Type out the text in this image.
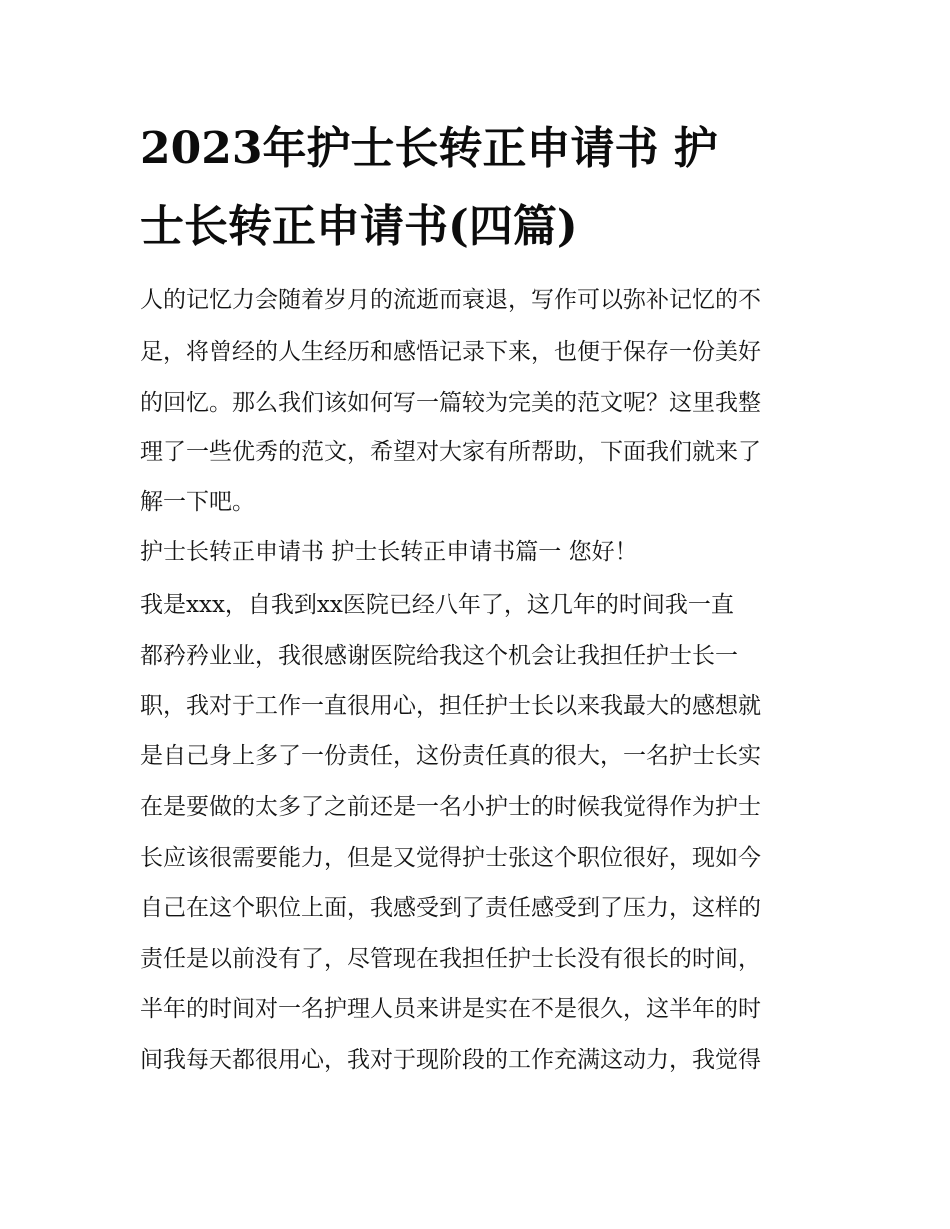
2023年护士长转正申请书 护
士长转正申请书(四篇)
人的记忆力会随着岁月的流逝而衰退，写作可以弥补记忆的不
足，将曾经的人生经历和感悟记录下来，也便于保存一份美好
的回忆。那么我们该如何写一篇较为完美的范文呢？这里我整
理了一些优秀的范文，希望对大家有所帮助，下面我们就来了
解一下吧。
护士长转正申请书 护士长转正申请书篇一 您好！
我是xxx，自我到xx医院已经八年了，这几年的时间我一直
都矜矜业业，我很感谢医院给我这个机会让我担任护士长一
职，我对于工作一直很用心，担任护士长以来我最大的感想就
是自己身上多了一份责任，这份责任真的很大，一名护士长实
在是要做的太多了之前还是一名小护士的时候我觉得作为护士
长应该很需要能力，但是又觉得护士张这个职位很好，现如今
自己在这个职位上面，我感受到了责任感受到了压力，这样的
责任是以前没有了，尽管现在我担任护士长没有很长的时间，
半年的时间对一名护理人员来讲是实在不是很久，这半年的时
间我每天都很用心，我对于现阶段的工作充满这动力，我觉得
